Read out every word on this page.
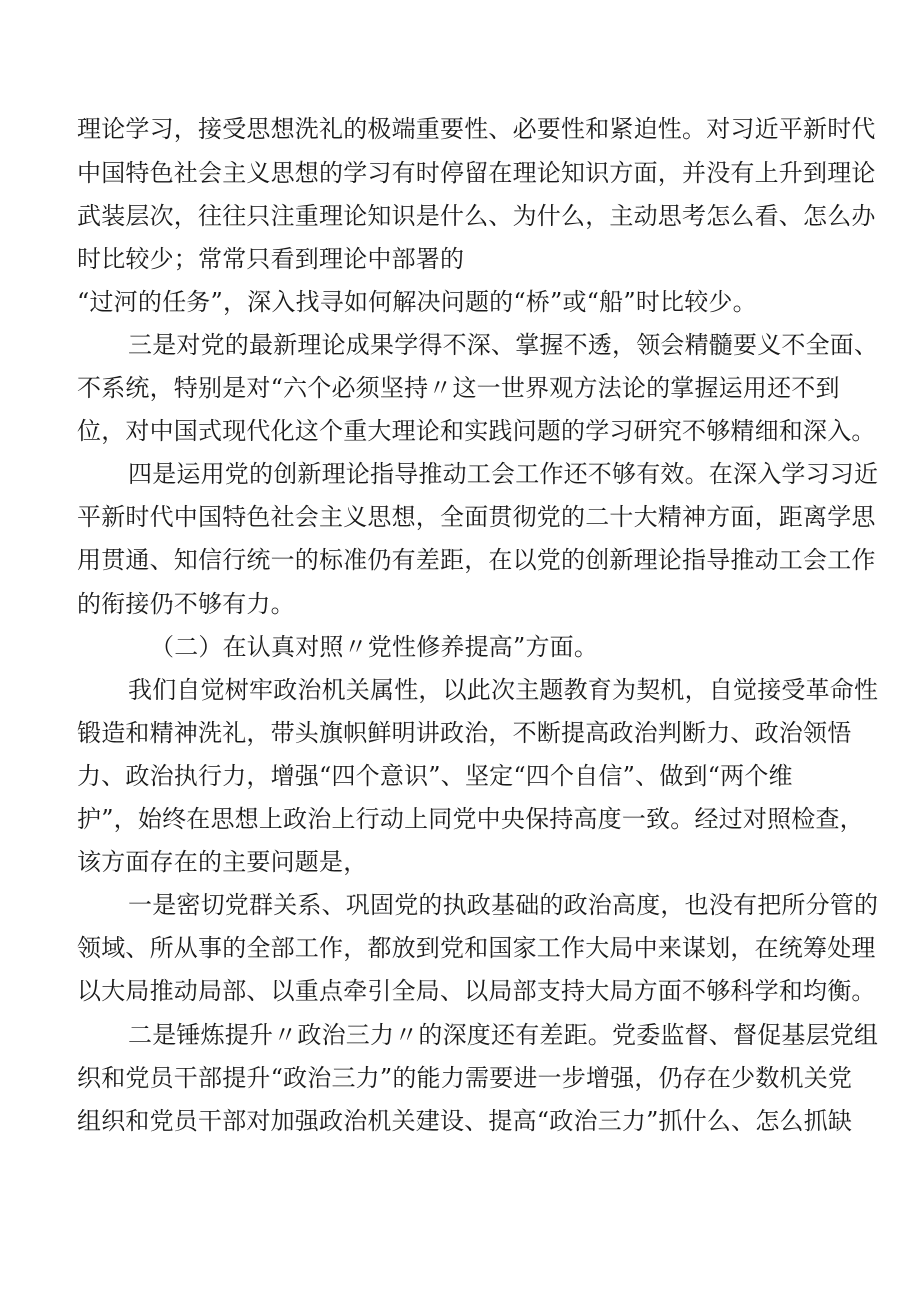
理论学习，接受思想洗礼的极端重要性、必要性和紧迫性。对习近平新时代
中国特色社会主义思想的学习有时停留在理论知识方面，并没有上升到理论
武装层次，往往只注重理论知识是什么、为什么，主动思考怎么看、怎么办
时比较少；常常只看到理论中部署的
“过河的任务”，深入找寻如何解决问题的“桥”或“船”时比较少。
三是对党的最新理论成果学得不深、掌握不透，领会精髓要义不全面、
不系统，特别是对“六个必须坚持〃这一世界观方法论的掌握运用还不到
位，对中国式现代化这个重大理论和实践问题的学习研究不够精细和深入。
四是运用党的创新理论指导推动工会工作还不够有效。在深入学习习近
平新时代中国特色社会主义思想，全面贯彻党的二十大精神方面，距离学思
用贯通、知信行统一的标准仍有差距，在以党的创新理论指导推动工会工作
的衔接仍不够有力。
（二）在认真对照〃党性修养提高”方面。
我们自觉树牢政治机关属性，以此次主题教育为契机，自觉接受革命性
锻造和精神洗礼，带头旗帜鲜明讲政治，不断提高政治判断力、政治领悟
力、政治执行力，增强“四个意识”、坚定“四个自信”、做到“两个维
护”，始终在思想上政治上行动上同党中央保持高度一致。经过对照检查，
该方面存在的主要问题是，
一是密切党群关系、巩固党的执政基础的政治高度，也没有把所分管的
领域、所从事的全部工作，都放到党和国家工作大局中来谋划，在统筹处理
以大局推动局部、以重点牵引全局、以局部支持大局方面不够科学和均衡。
二是锤炼提升〃政治三力〃的深度还有差距。党委监督、督促基层党组
织和党员干部提升“政治三力”的能力需要进一步增强，仍存在少数机关党
组织和党员干部对加强政治机关建设、提高“政治三力”抓什么、怎么抓缺
